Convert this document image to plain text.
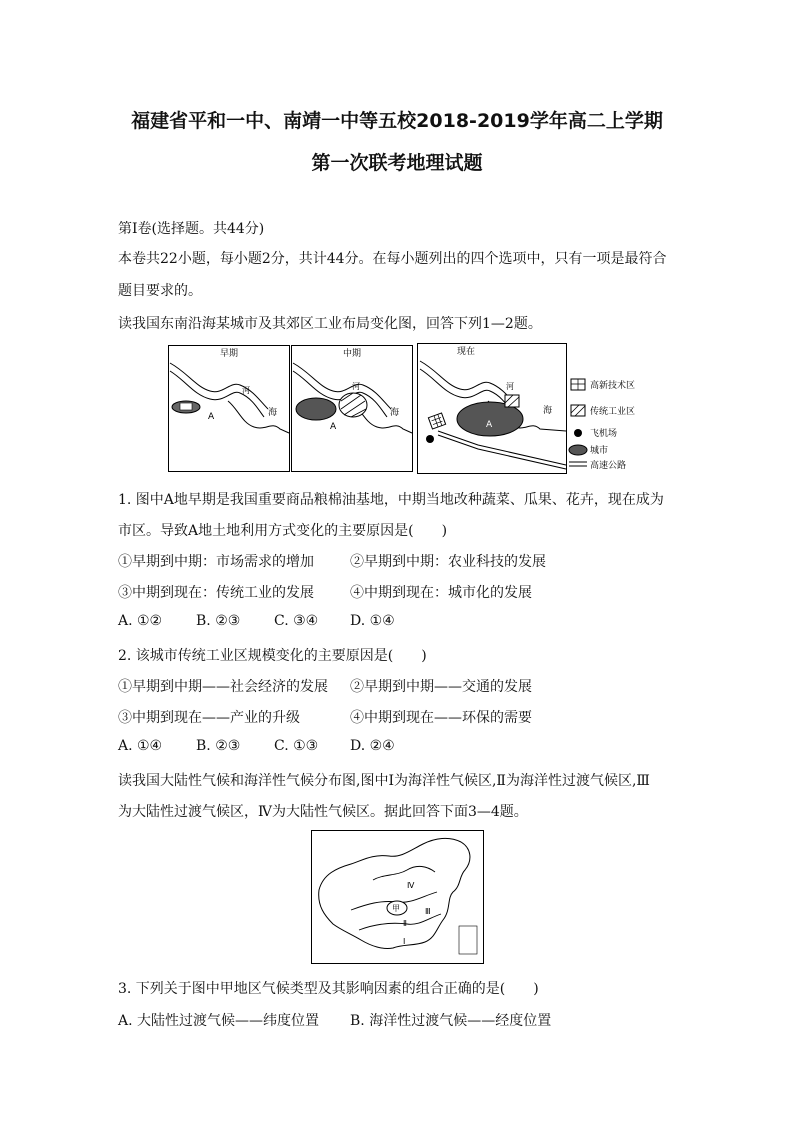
福建省平和一中、南靖一中等五校2018-2019学年高二上学期
第一次联考地理试题
第Ⅰ卷(选择题。共44分)
本卷共22小题，每小题2分，共计44分。在每小题列出的四个选项中，只有一项是最符合
题目要求的。
读我国东南沿海某城市及其郊区工业布局变化图，回答下列1—2题。
早期
河
海
A
中期
河
海
A
现在
河
海
A
高新技术区
传统工业区
飞机场
城市
高速公路
1. 图中A地早期是我国重要商品粮棉油基地，中期当地改种蔬菜、瓜果、花卉，现在成为
市区。导致A地土地利用方式变化的主要原因是(　　)
①早期到中期：市场需求的增加	②早期到中期：农业科技的发展
③中期到现在：传统工业的发展	④中期到现在：城市化的发展
A. ①② B. ②③ C. ③④ D. ①④
2. 该城市传统工业区规模变化的主要原因是(　　)
①早期到中期——社会经济的发展 ②早期到中期——交通的发展
③中期到现在——产业的升级	④中期到现在——环保的需要
A. ①④ B. ②③ C. ①③ D. ②④
读我国大陆性气候和海洋性气候分布图,图中Ⅰ为海洋性气候区,Ⅱ为海洋性过渡气候区,Ⅲ
为大陆性过渡气候区，Ⅳ为大陆性气候区。据此回答下面3—4题。
Ⅳ
Ⅲ
Ⅱ
Ⅰ
甲
3. 下列关于图中甲地区气候类型及其影响因素的组合正确的是(　　)
A. 大陆性过渡气候——纬度位置 B. 海洋性过渡气候——经度位置
